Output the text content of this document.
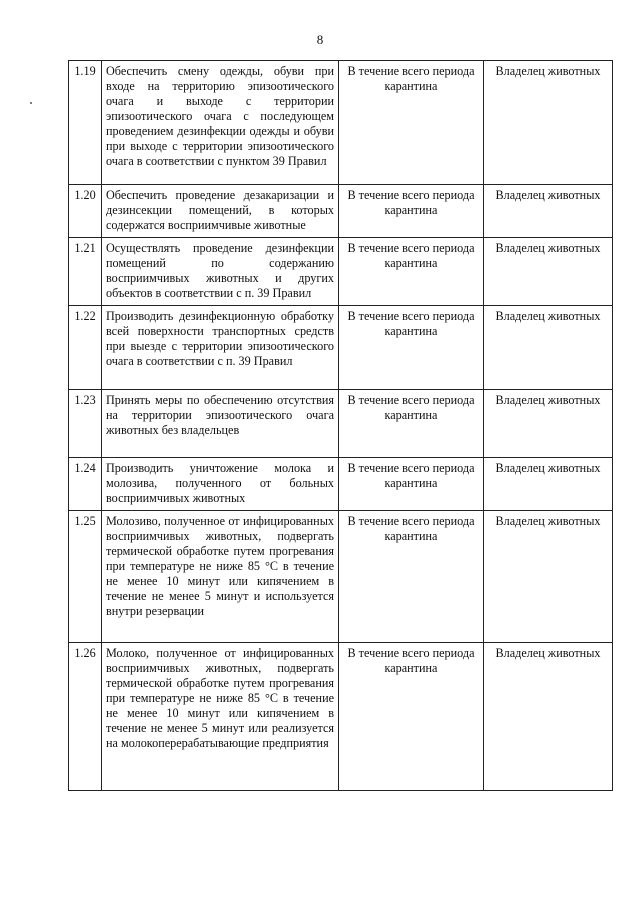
8
1.19	Обеспечить смену одежды, обуви при входе на территорию эпизоотического очага и выходе с территории эпизоотического очага с последующем проведением дезинфекции одежды и обуви при выходе с территории эпизоотического очага в соответствии с пунктом 39 Правил	В течение всего периода карантина	Владелец животных
1.20	Обеспечить проведение дезакаризации и дезинсекции помещений, в которых содержатся восприимчивые животные	В течение всего периода карантина	Владелец животных
1.21	Осуществлять проведение дезинфекции помещений по содержанию восприимчивых животных и других объектов в соответствии с п. 39 Правил	В течение всего периода карантина	Владелец животных
1.22	Производить дезинфекционную обработку всей поверхности транспортных средств при выезде с территории эпизоотического очага в соответствии с п. 39 Правил	В течение всего периода карантина	Владелец животных
1.23	Принять меры по обеспечению отсутствия на территории эпизоотического очага животных без владельцев	В течение всего периода карантина	Владелец животных
1.24	Производить уничтожение молока и молозива, полученного от больных восприимчивых животных	В течение всего периода карантина	Владелец животных
1.25	Молозиво, полученное от инфицированных восприимчивых животных, подвергать термической обработке путем прогревания при температуре не ниже 85 °С в течение не менее 10 минут или кипячением в течение не менее 5 минут и используется внутри резервации	В течение всего периода карантина	Владелец животных
1.26	Молоко, полученное от инфицированных восприимчивых животных, подвергать термической обработке путем прогревания при температуре не ниже 85 °С в течение не менее 10 минут или кипячением в течение не менее 5 минут или реализуется на молокоперерабатывающие предприятия	В течение всего периода карантина	Владелец животных
